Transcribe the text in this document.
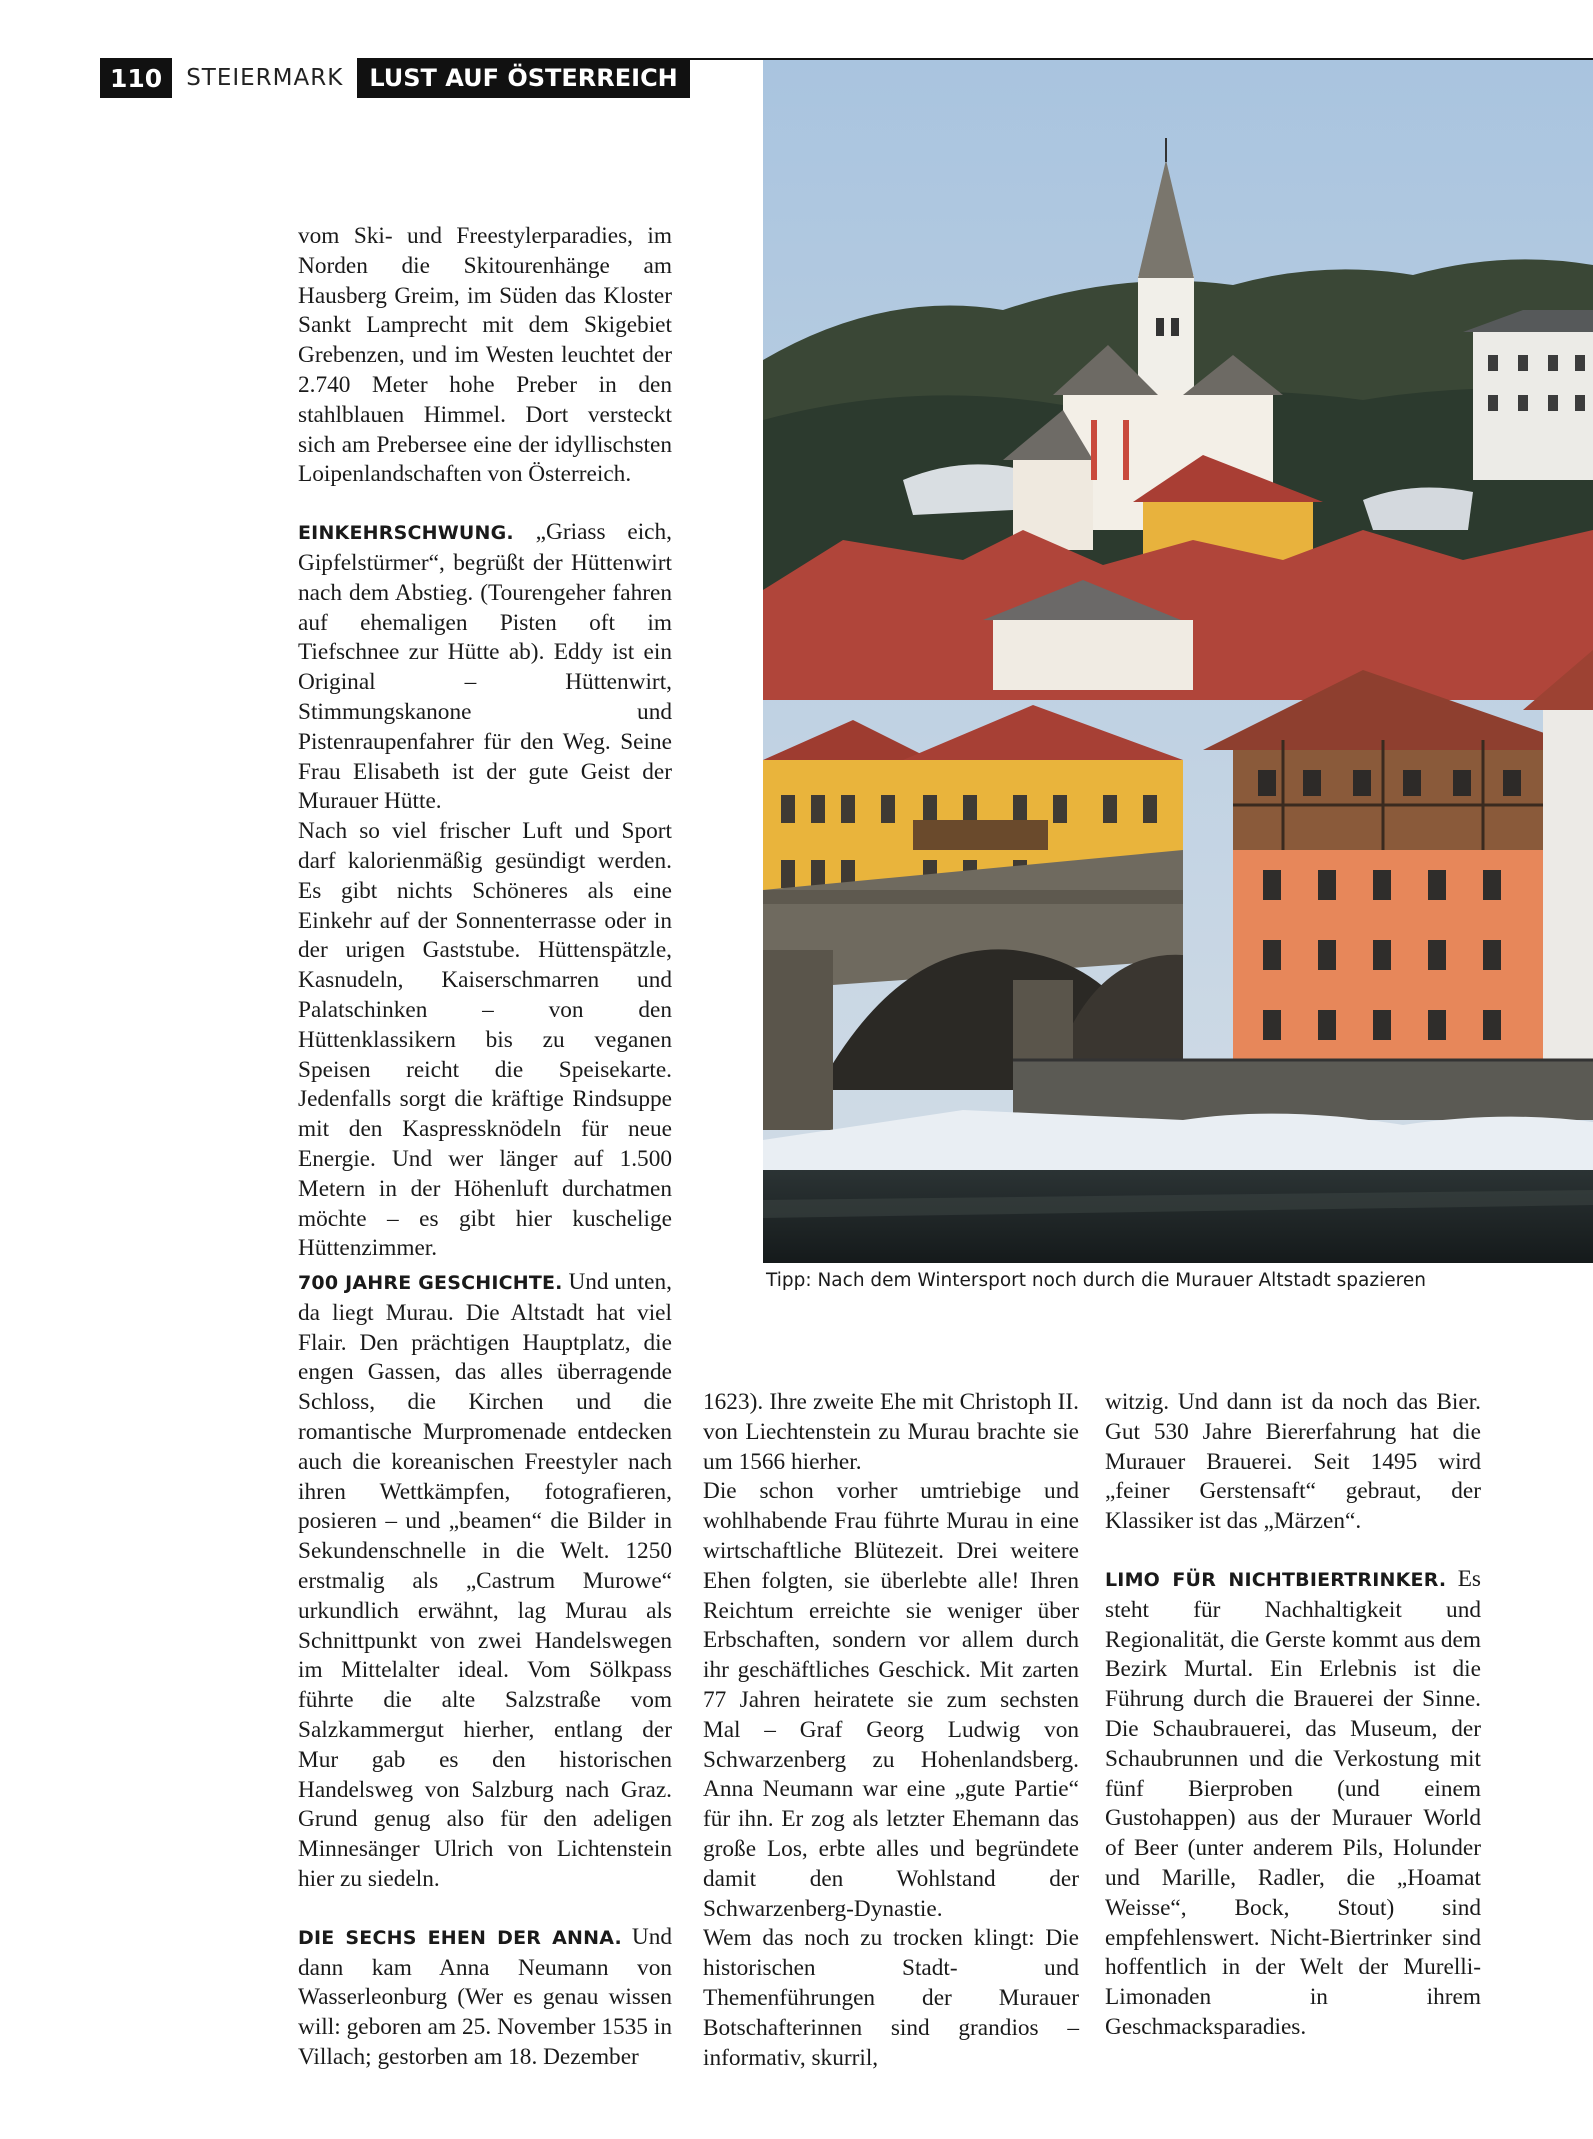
110	STEIERMARK	LUST AUF ÖSTERREICH

vom Ski- und Freestylerparadies, im Norden die Skitourenhänge am Hausberg Greim, im Süden das Kloster Sankt Lamprecht mit dem Skigebiet Grebenzen, und im Westen leuchtet der 2.740 Meter hohe Preber in den stahlblauen Himmel. Dort versteckt sich am Prebersee eine der idyllischsten Loipenlandschaften von Österreich.

EINKEHRSCHWUNG. „Griass eich, Gipfelstürmer“, begrüßt der Hüttenwirt nach dem Abstieg. (Tourengeher fahren auf ehemaligen Pisten oft im Tiefschnee zur Hütte ab). Eddy ist ein Original – Hüttenwirt, Stimmungskanone und Pistenraupenfahrer für den Weg. Seine Frau Elisabeth ist der gute Geist der Murauer Hütte.

Nach so viel frischer Luft und Sport darf kalorienmäßig gesündigt werden. Es gibt nichts Schöneres als eine Einkehr auf der Sonnenterrasse oder in der urigen Gaststube. Hüttenspätzle, Kasnudeln, Kaiserschmarren und Palatschinken – von den Hüttenklassikern bis zu veganen Speisen reicht die Speisekarte. Jedenfalls sorgt die kräftige Rindsuppe mit den Kaspressknödeln für neue Energie. Und wer länger auf 1.500 Metern in der Höhenluft durchatmen möchte – es gibt hier kuschelige Hüttenzimmer.

Tipp: Nach dem Wintersport noch durch die Murauer Altstadt spazieren

700 JAHRE GESCHICHTE. Und unten, da liegt Murau. Die Altstadt hat viel Flair. Den prächtigen Hauptplatz, die engen Gassen, das alles überragende Schloss, die Kirchen und die romantische Murpromenade entdecken auch die koreanischen Freestyler nach ihren Wettkämpfen, fotografieren, posieren – und „beamen“ die Bilder in Sekundenschnelle in die Welt. 1250 erstmalig als „Castrum Murowe“ urkundlich erwähnt, lag Murau als Schnittpunkt von zwei Handelswegen im Mittelalter ideal. Vom Sölkpass führte die alte Salzstraße vom Salzkammergut hierher, entlang der Mur gab es den historischen Handelsweg von Salzburg nach Graz. Grund genug also für den adeligen Minnesänger Ulrich von Lichtenstein hier zu siedeln.

DIE SECHS EHEN DER ANNA. Und dann kam Anna Neumann von Wasserleonburg (Wer es genau wissen will: geboren am 25. November 1535 in Villach; gestorben am 18. Dezember

1623). Ihre zweite Ehe mit Christoph II. von Liechtenstein zu Murau brachte sie um 1566 hierher.

Die schon vorher umtriebige und wohlhabende Frau führte Murau in eine wirtschaftliche Blütezeit. Drei weitere Ehen folgten, sie überlebte alle! Ihren Reichtum erreichte sie weniger über Erbschaften, sondern vor allem durch ihr geschäftliches Geschick. Mit zarten 77 Jahren heiratete sie zum sechsten Mal – Graf Georg Ludwig von Schwarzenberg zu Hohenlandsberg. Anna Neumann war eine „gute Partie“ für ihn. Er zog als letzter Ehemann das große Los, erbte alles und begründete damit den Wohlstand der Schwarzenberg-Dynastie.

Wem das noch zu trocken klingt: Die historischen Stadt- und Themenführungen der Murauer Botschafterinnen sind grandios – informativ, skurril,

witzig. Und dann ist da noch das Bier. Gut 530 Jahre Biererfahrung hat die Murauer Brauerei. Seit 1495 wird „feiner Gerstensaft“ gebraut, der Klassiker ist das „Märzen“.

LIMO FÜR NICHTBIERTRINKER. Es steht für Nachhaltigkeit und Regionalität, die Gerste kommt aus dem Bezirk Murtal. Ein Erlebnis ist die Führung durch die Brauerei der Sinne. Die Schaubrauerei, das Museum, der Schaubrunnen und die Verkostung mit fünf Bierproben (und einem Gustohappen) aus der Murauer World of Beer (unter anderem Pils, Holunder und Marille, Radler, die „Hoamat Weisse“, Bock, Stout) sind empfehlenswert. Nicht-Biertrinker sind hoffentlich in der Welt der Murelli-Limonaden in ihrem Geschmacksparadies.
